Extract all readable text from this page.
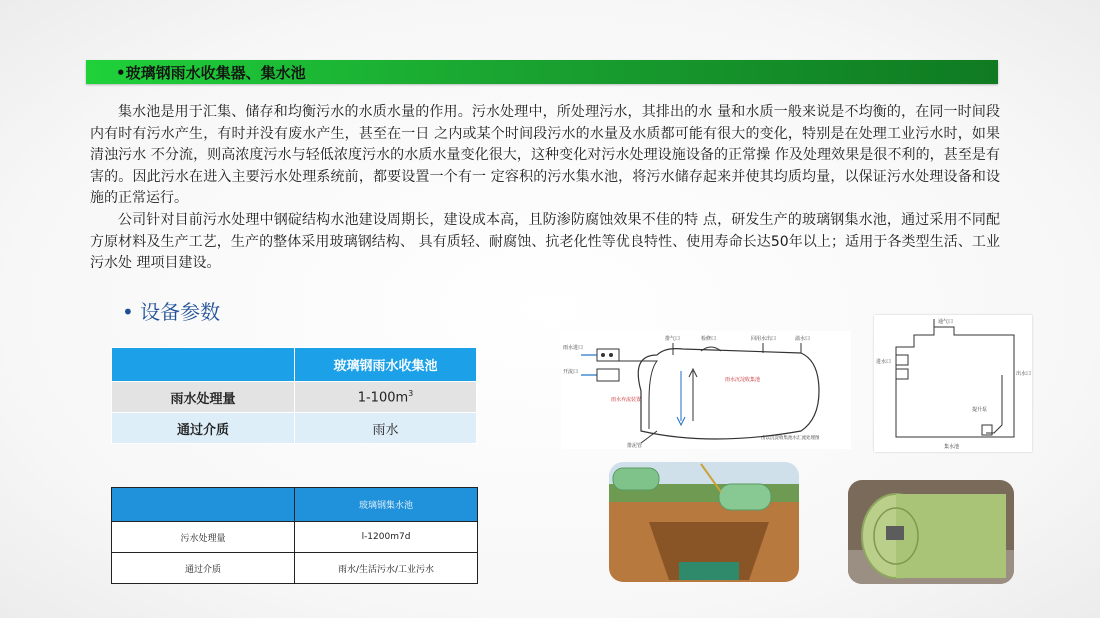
•玻璃钢雨水收集器、集水池

集水池是用于汇集、储存和均衡污水的水质水量的作用。污水处理中，所处理污水，其排出的水 量和水质一般来说是不均衡的，在同一时间段内有时有污水产生，有时并没有废水产生，甚至在一日 之内或某个时间段污水的水量及水质都可能有很大的变化，特别是在处理工业污水时，如果清浊污水 不分流，则高浓度污水与轻低浓度污水的水质水量变化很大，这种变化对污水处理设施设备的正常操 作及处理效果是很不利的，甚至是有害的。因此污水在进入主要污水处理系统前，都要设置一个有一 定容积的污水集水池，将污水储存起来并使其均质均量，以保证污水处理设备和设施的正常运行。

公司针对目前污水处理中钢碇结构水池建设周期长，建设成本高，且防渗防腐蚀效果不佳的特 点，研发生产的玻璃钢集水池，通过采用不同配方原材料及生产工艺，生产的整体采用玻璃钢结构、 具有质轻、耐腐蚀、抗老化性等优良特性、使用寿命长达50年以上；适用于各类型生活、工业污水处 理项目建设。

• 设备参数
	玻璃钢雨水收集池
雨水处理量	$1-100m^3$
通过介质	雨水
	玻璃钢集水池
污水处理量	l-1200m7d
通过介质	雨水/生活污水/工业污水
雨水进口
开流口
排气口	检修口	回用水出口	溢水口
雨水沉淀收集池
雨水弃流装置
排泥管
由以沉淀收集池水汇流处理图
通气口
进水口
提升泵
出水口
集水池
